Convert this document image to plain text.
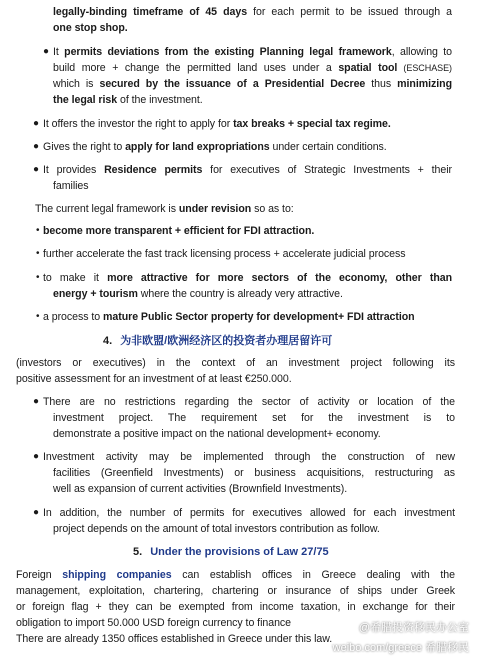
legally-binding timeframe of 45 days for each permit to be issued through a
one stop shop.
● It permits deviations from the existing Planning legal framework, allowing to
build more + change the permitted land uses under a spatial tool (ESCHASE)
which is secured by the issuance of a Presidential Decree thus minimizing
the legal risk of the investment.
● It offers the investor the right to apply for tax breaks + special tax regime.
● Gives the right to apply for land expropriations under certain conditions.
● It provides Residence permits for executives of Strategic Investments + their
families
The current legal framework is under revision so as to:
• become more transparent + efficient for FDI attraction.
• further accelerate the fast track licensing process + accelerate judicial process
• to make it more attractive for more sectors of the economy, other than
energy + tourism where the country is already very attractive.
• a process to mature Public Sector property for development+ FDI attraction
4. 为非欧盟/欧洲经济区的投资者办理居留许可
(investors or executives) in the context of an investment project following its
positive assessment for an investment of at least €250.000.
● There are no restrictions regarding the sector of activity or location of the
investment project. The requirement set for the investment is to
demonstrate a positive impact on the national development+ economy.
● Investment activity may be implemented through the construction of new
facilities (Greenfield Investments) or business acquisitions, restructuring as
well as expansion of current activities (Brownfield Investments).
● In addition, the number of permits for executives allowed for each investment
project depends on the amount of total investors contribution as follow.
5. Under the provisions of Law 27/75
Foreign shipping companies can establish offices in Greece dealing with the
management, exploitation, chartering, chartering or insurance of ships under Greek
or foreign flag + they can be exempted from income taxation, in exchange for their
obligation to import 50.000 USD foreign currency to finance
There are already 1350 offices established in Greece under this law.
@希腊投资移民办公室
weibo.com/greece 希腊移民
